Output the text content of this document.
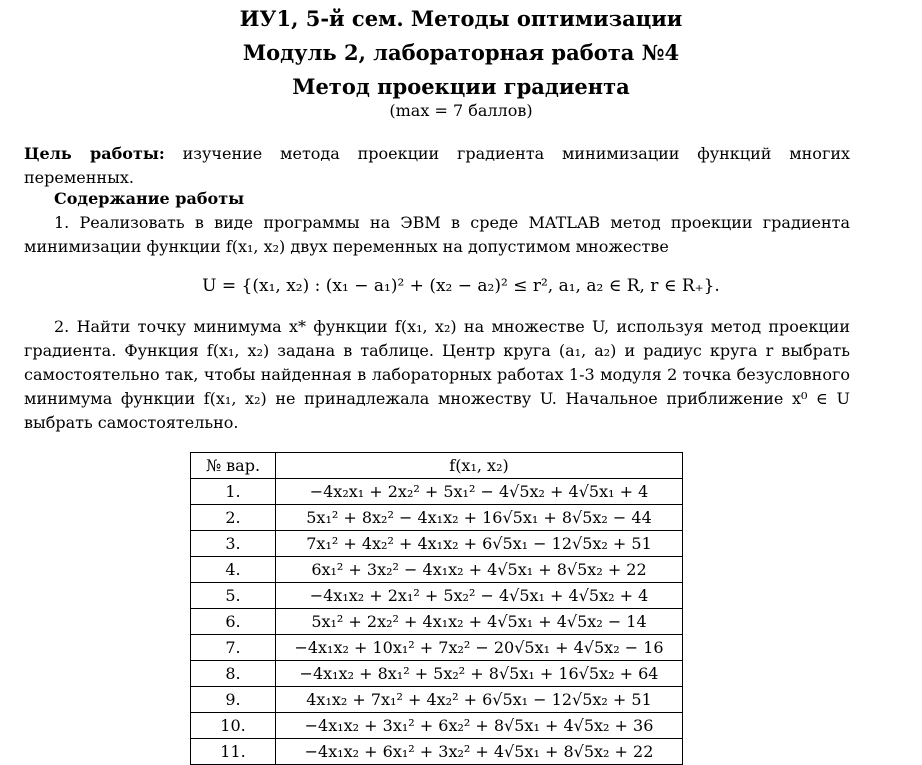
ИУ1, 5-й сем. Методы оптимизации
Модуль 2, лабораторная работа №4
Метод проекции градиента
(max = 7 баллов)
Цель работы: изучение метода проекции градиента минимизации функций многих переменных.
Содержание работы
1. Реализовать в виде программы на ЭВМ в среде MATLAB метод проекции градиента минимизации функции f(x₁, x₂) двух переменных на допустимом множестве
U = {(x₁, x₂) : (x₁ − a₁)² + (x₂ − a₂)² ≤ r², a₁, a₂ ∈ R, r ∈ R₊}.
2. Найти точку минимума x* функции f(x₁, x₂) на множестве U, используя метод проекции градиента. Функция f(x₁, x₂) задана в таблице. Центр круга (a₁, a₂) и радиус круга r выбрать самостоятельно так, чтобы найденная в лабораторных работах 1-3 модуля 2 точка безусловного минимума функции f(x₁, x₂) не принадлежала множеству U. Начальное приближение x⁰ ∈ U выбрать самостоятельно.
№ вар.	f(x₁, x₂)
1.	−4x₂x₁ + 2x₂² + 5x₁² − 4√5x₂ + 4√5x₁ + 4
2.	5x₁² + 8x₂² − 4x₁x₂ + 16√5x₁ + 8√5x₂ − 44
3.	7x₁² + 4x₂² + 4x₁x₂ + 6√5x₁ − 12√5x₂ + 51
4.	6x₁² + 3x₂² − 4x₁x₂ + 4√5x₁ + 8√5x₂ + 22
5.	−4x₁x₂ + 2x₁² + 5x₂² − 4√5x₁ + 4√5x₂ + 4
6.	5x₁² + 2x₂² + 4x₁x₂ + 4√5x₁ + 4√5x₂ − 14
7.	−4x₁x₂ + 10x₁² + 7x₂² − 20√5x₁ + 4√5x₂ − 16
8.	−4x₁x₂ + 8x₁² + 5x₂² + 8√5x₁ + 16√5x₂ + 64
9.	4x₁x₂ + 7x₁² + 4x₂² + 6√5x₁ − 12√5x₂ + 51
10.	−4x₁x₂ + 3x₁² + 6x₂² + 8√5x₁ + 4√5x₂ + 36
11.	−4x₁x₂ + 6x₁² + 3x₂² + 4√5x₁ + 8√5x₂ + 22
